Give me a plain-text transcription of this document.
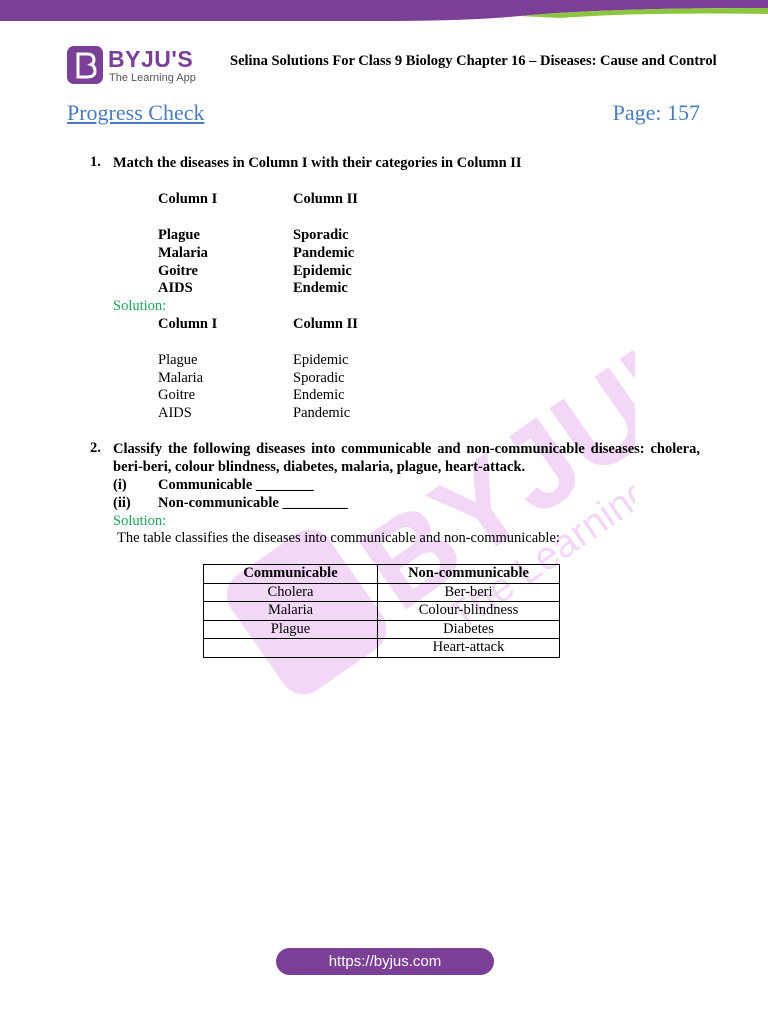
BYJU'S
The Learning App
Selina Solutions For Class 9 Biology Chapter 16 – Diseases: Cause and Control
Progress Check	Page: 157
BYJU'S
The Learning
1. Match the diseases in Column I with their categories in Column II
Column I	Column II
Plague	Sporadic
Malaria	Pandemic
Goitre	Epidemic
AIDS	Endemic
Solution:
Column I	Column II
Plague	Epidemic
Malaria	Sporadic
Goitre	Endemic
AIDS	Pandemic
2. Classify the following diseases into communicable and non-communicable diseases: cholera, beri-beri, colour blindness, diabetes, malaria, plague, heart-attack.
(i) Communicable ________
(ii) Non-communicable _________
Solution:
The table classifies the diseases into communicable and non-communicable:
Communicable	Non-communicable
Cholera	Ber-beri
Malaria	Colour-blindness
Plague	Diabetes
	Heart-attack
https://byjus.com
